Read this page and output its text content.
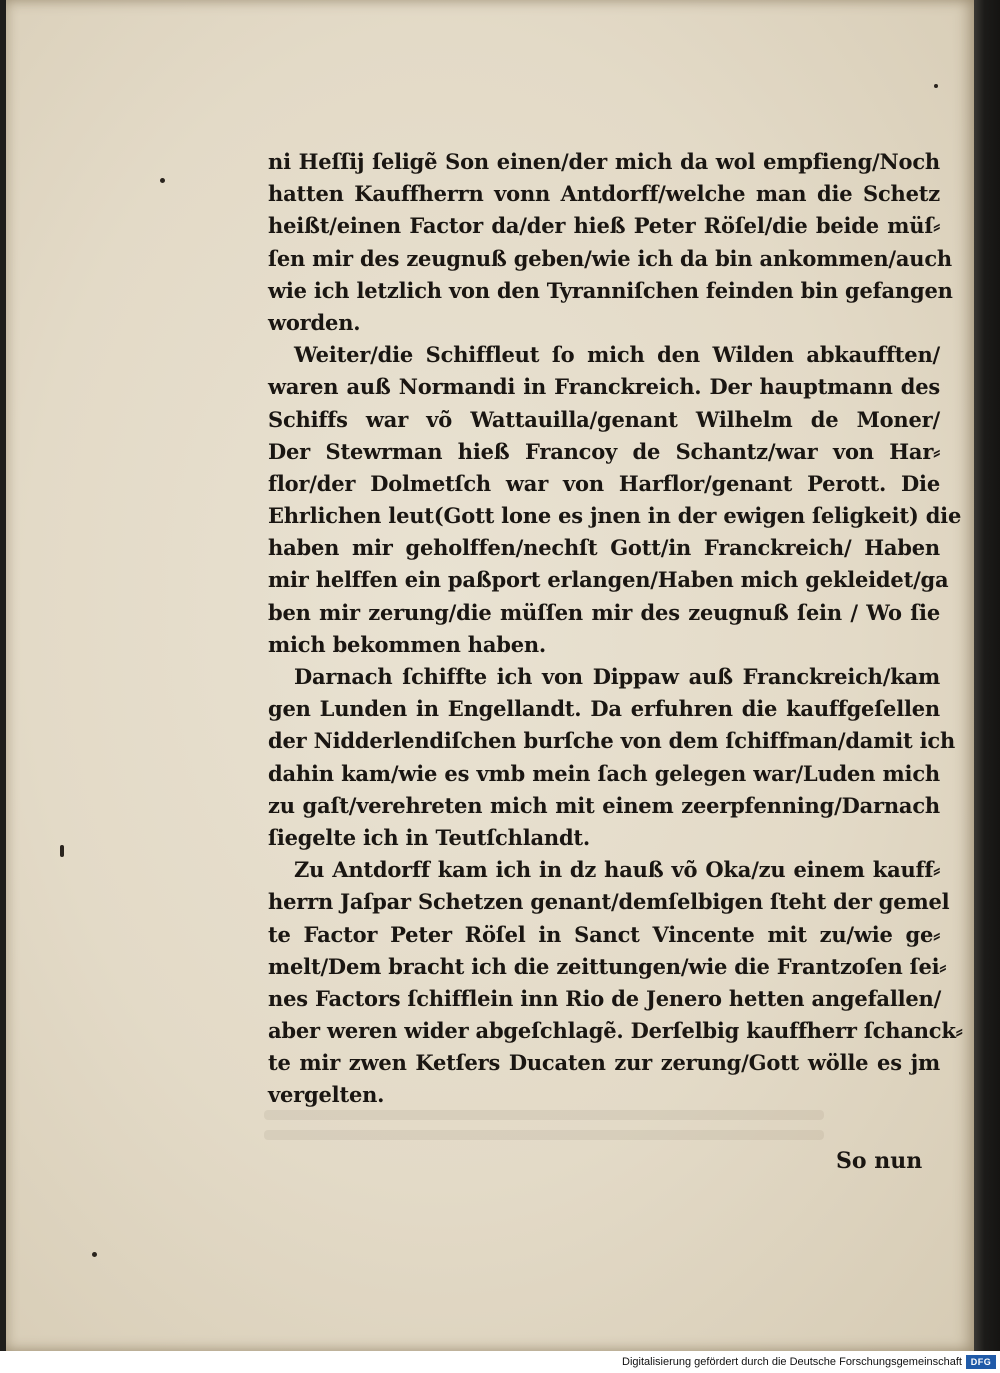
ni Heſſij ſeligẽ Son einen/der mich da wol empfieng/Noch
hatten Kauffherrn vonn Antdorff/welche man die Schetz
heißt/einen Factor da/der hieß Peter Röſel/die beide müſ⸗
ſen mir des zeugnuß geben/wie ich da bin ankommen/auch
wie ich letzlich von den Tyranniſchen feinden bin gefangen
worden.
Weiter/die Schiffleut ſo mich den Wilden abkaufften/
waren auß Normandi in Franckreich. Der hauptmann des
Schiffs war võ Wattauilla/genant Wilhelm de Moner/
Der Stewrman hieß Francoy de Schantz/war von Har⸗
flor/der Dolmetſch war von Harflor/genant Perott. Die
Ehrlichen leut(Gott lone es jnen in der ewigen ſeligkeit) die
haben mir geholffen/nechſt Gott/in Franckreich/ Haben
mir helffen ein paßport erlangen/Haben mich gekleidet/ga
ben mir zerung/die müſſen mir des zeugnuß ſein / Wo ſie
mich bekommen haben.
Darnach ſchiffte ich von Dippaw auß Franckreich/kam
gen Lunden in Engellandt. Da erfuhren die kauffgeſellen
der Nidderlendiſchen burſche von dem ſchiffman/damit ich
dahin kam/wie es vmb mein ſach gelegen war/Luden mich
zu gaſt/verehreten mich mit einem zeerpfenning/Darnach
ſiegelte ich in Teutſchlandt.
Zu Antdorff kam ich in dz hauß võ Oka/zu einem kauff⸗
herrn Jaſpar Schetzen genant/demſelbigen ſteht der gemel
te Factor Peter Röſel in Sanct Vincente mit zu/wie ge⸗
melt/Dem bracht ich die zeittungen/wie die Frantzoſen ſei⸗
nes Factors ſchifflein inn Rio de Jenero hetten angefallen/
aber weren wider abgeſchlagẽ. Derſelbig kauffherr ſchanck⸗
te mir zwen Ketſers Ducaten zur zerung/Gott wölle es jm
vergelten.
So nun
Digitalisierung gefördert durch die Deutsche Forschungsgemeinschaft DFG
